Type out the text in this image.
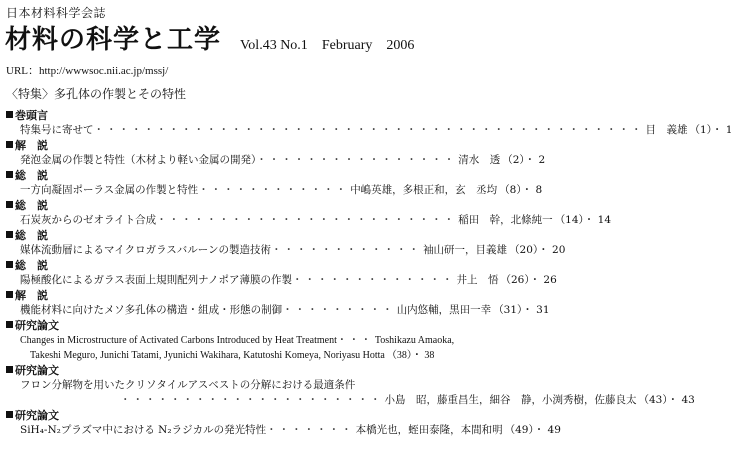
日本材料科学会誌
材料の科学と工学 Vol.43 No.1 February 2006
URL：http://wwwsoc.nii.ac.jp/mssj/
〈特集〉多孔体の作製とその特性
巻頭言
特集号に寄せて・・・・・・・・・・・・・・・・・・・・・・・・・・・・・・・・・・・・・・・・・・・・ 目　義雄 （1）・ 1
解　説
発泡金属の作製と特性（木材より軽い金属の開発）・・・・・・・・・・・・・・・・ 清水　透 （2）・ 2
総　説
一方向凝固ポーラス金属の作製と特性・・・・・・・・・・・・ 中嶋英雄，多根正和，玄　丞均 （8）・ 8
総　説
石炭灰からのゼオライト合成・・・・・・・・・・・・・・・・・・・・・・・・ 稲田　幹，北條純一 （14）・ 14
総　説
媒体流動層によるマイクロガラスバルーンの製造技術・・・・・・・・・・・・ 袖山研一，目義雄 （20）・ 20
総　説
陽極酸化によるガラス表面上規則配列ナノポア薄膜の作製・・・・・・・・・・・・・ 井上　悟 （26）・ 26
解　説
機能材料に向けたメソ多孔体の構造・組成・形態の制御・・・・・・・・・ 山内悠輔，黒田一幸 （31）・ 31
研究論文
Changes in Microstructure of Activated Carbons Introduced by Heat Treatment・・・ Toshikazu Amaoka,
Takeshi Meguro, Junichi Tatami, Jyunichi Wakihara, Katutoshi Komeya, Noriyasu Hotta （38）・ 38
研究論文
フロン分解物を用いたクリソタイルアスベストの分解における最適条件
・・・・・・・・・・・・・・・・・・・・・ 小島　昭，藤重昌生，細谷　静，小渕秀樹，佐藤良太 （43）・ 43
研究論文
SiH₄-N₂プラズマ中における N₂ラジカルの発光特性・・・・・・・ 本橋光也，蛭田泰隆，本間和明 （49）・ 49
